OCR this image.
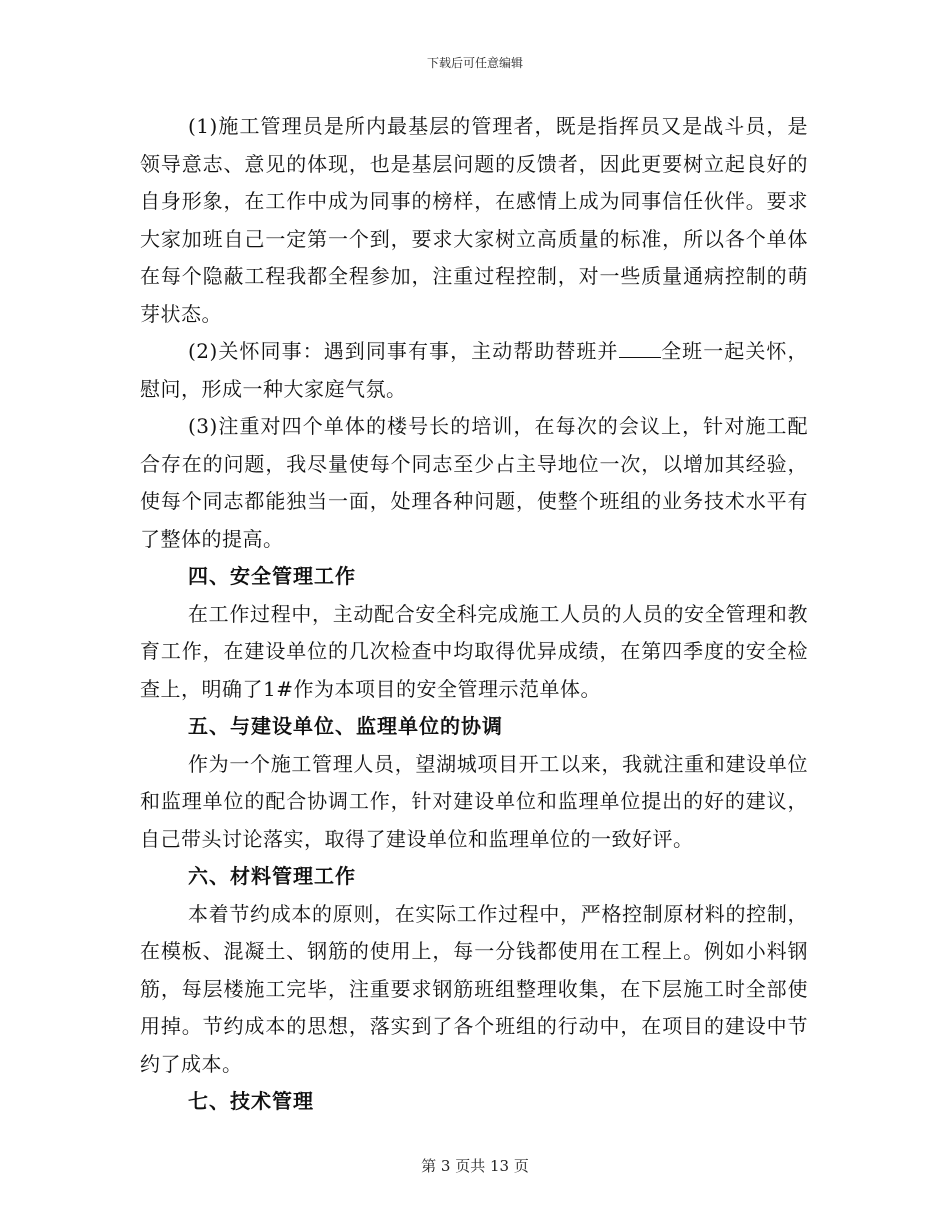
下载后可任意编辑

(1)施工管理员是所内最基层的管理者，既是指挥员又是战斗员，是领导意志、意见的体现，也是基层问题的反馈者，因此更要树立起良好的自身形象，在工作中成为同事的榜样，在感情上成为同事信任伙伴。要求大家加班自己一定第一个到，要求大家树立高质量的标准，所以各个单体在每个隐蔽工程我都全程参加，注重过程控制，对一些质量通病控制的萌芽状态。

(2)关怀同事：遇到同事有事，主动帮助替班并 全班一起关怀，慰问，形成一种大家庭气氛。

(3)注重对四个单体的楼号长的培训，在每次的会议上，针对施工配合存在的问题，我尽量使每个同志至少占主导地位一次，以增加其经验，使每个同志都能独当一面，处理各种问题，使整个班组的业务技术水平有了整体的提高。

四、安全管理工作

在工作过程中，主动配合安全科完成施工人员的人员的安全管理和教育工作，在建设单位的几次检查中均取得优异成绩，在第四季度的安全检查上，明确了1#作为本项目的安全管理示范单体。

五、与建设单位、监理单位的协调

作为一个施工管理人员，望湖城项目开工以来，我就注重和建设单位和监理单位的配合协调工作，针对建设单位和监理单位提出的好的建议，自己带头讨论落实，取得了建设单位和监理单位的一致好评。

六、材料管理工作

本着节约成本的原则，在实际工作过程中，严格控制原材料的控制，在模板、混凝土、钢筋的使用上，每一分钱都使用在工程上。例如小料钢筋，每层楼施工完毕，注重要求钢筋班组整理收集，在下层施工时全部使用掉。节约成本的思想，落实到了各个班组的行动中，在项目的建设中节约了成本。

七、技术管理

第 3 页共 13 页
